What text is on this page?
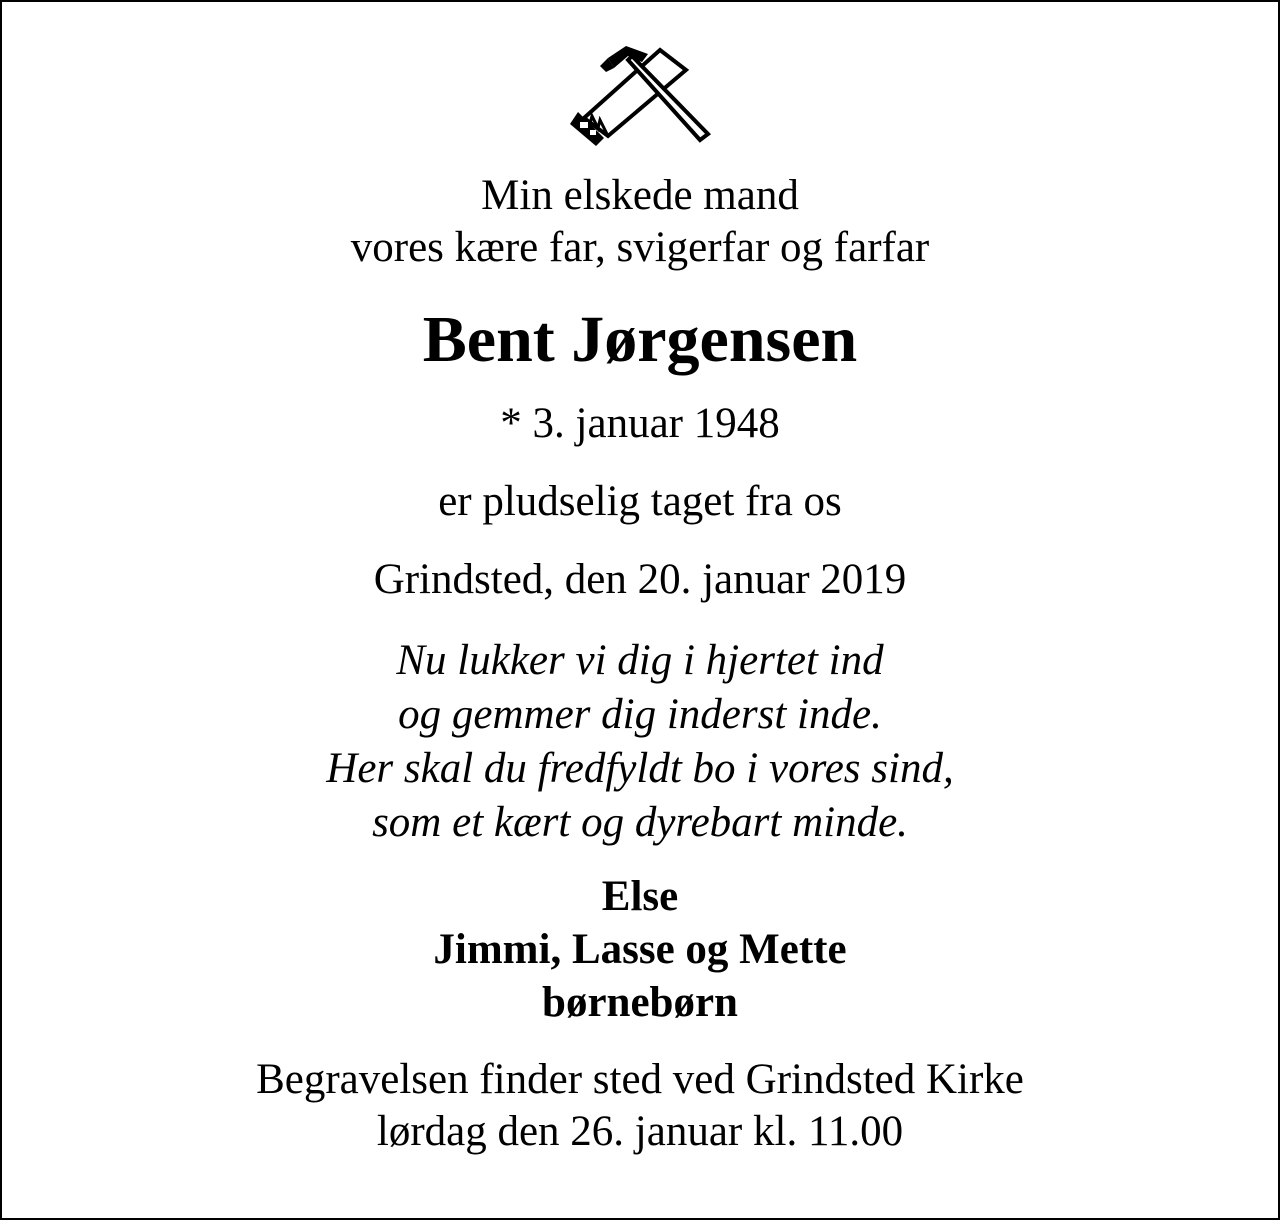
Min elskede mand
vores kære far, svigerfar og farfar
Bent Jørgensen
* 3. januar 1948
er pludselig taget fra os
Grindsted, den 20. januar 2019
Nu lukker vi dig i hjertet ind
og gemmer dig inderst inde.
Her skal du fredfyldt bo i vores sind,
som et kært og dyrebart minde.
Else
Jimmi, Lasse og Mette
børnebørn
Begravelsen finder sted ved Grindsted Kirke
lørdag den 26. januar kl. 11.00
